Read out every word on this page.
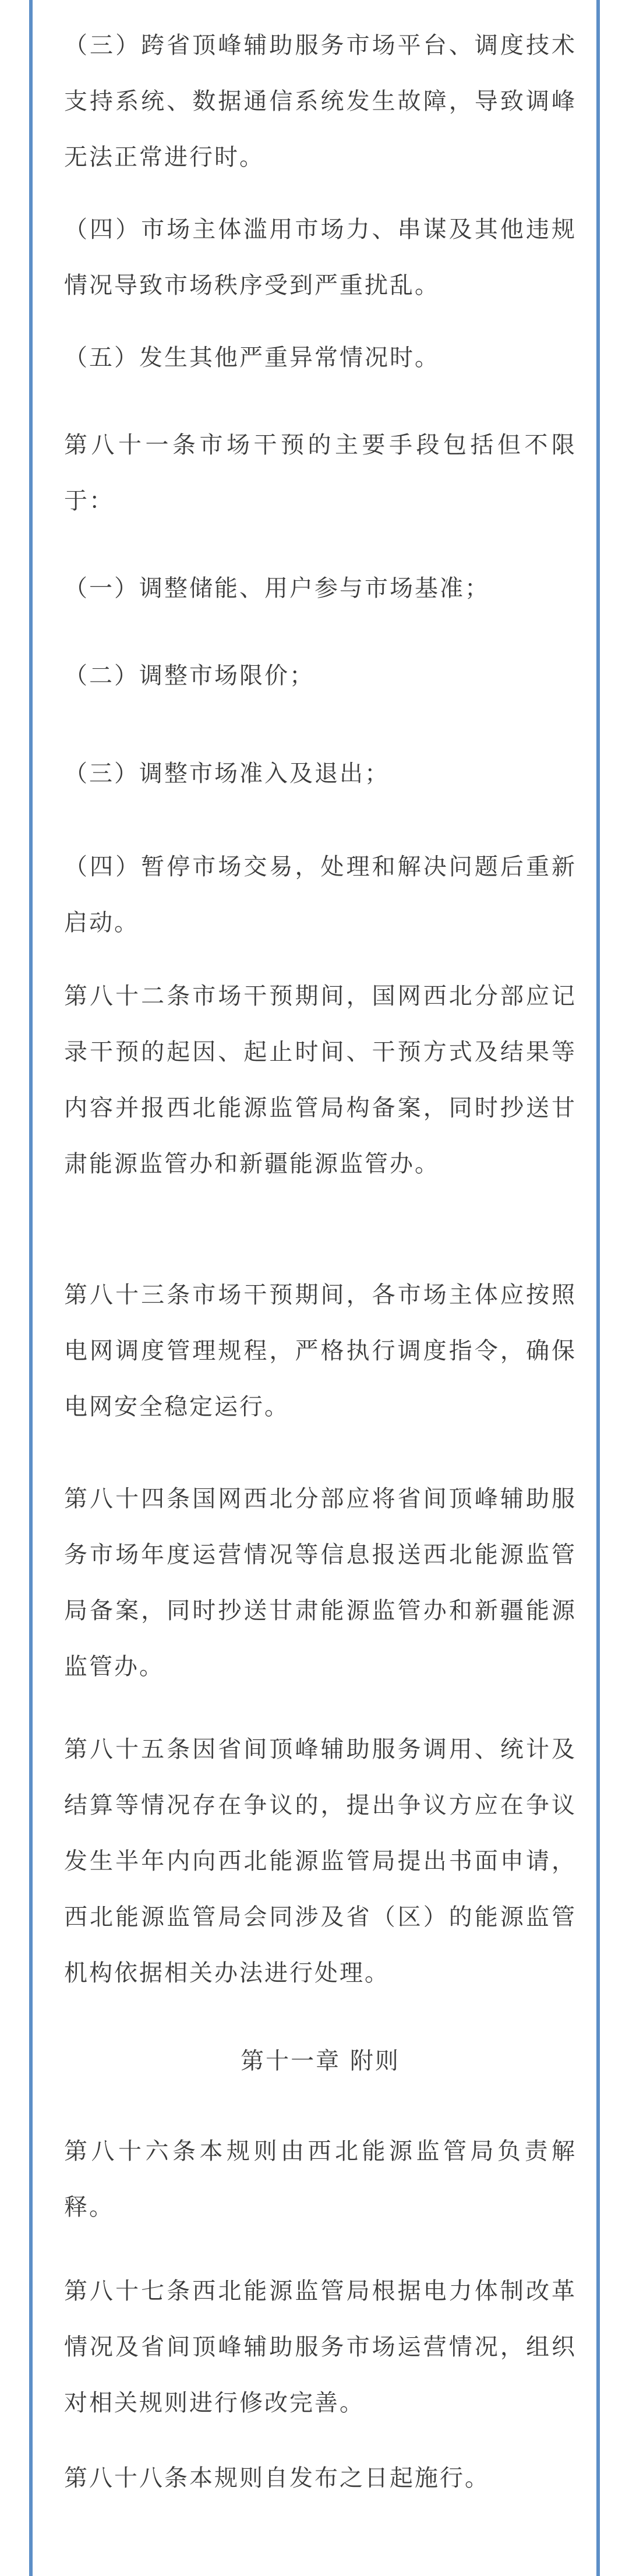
（三）跨省顶峰辅助服务市场平台、调度技术支持系统、数据通信系统发生故障，导致调峰无法正常进行时。

（四）市场主体滥用市场力、串谋及其他违规情况导致市场秩序受到严重扰乱。

（五）发生其他严重异常情况时。

第八十一条市场干预的主要手段包括但不限于：

（一）调整储能、用户参与市场基准；

（二）调整市场限价；

（三）调整市场准入及退出；

（四）暂停市场交易，处理和解决问题后重新启动。

第八十二条市场干预期间，国网西北分部应记录干预的起因、起止时间、干预方式及结果等内容并报西北能源监管局构备案，同时抄送甘肃能源监管办和新疆能源监管办。

第八十三条市场干预期间，各市场主体应按照电网调度管理规程，严格执行调度指令，确保电网安全稳定运行。

第八十四条国网西北分部应将省间顶峰辅助服务市场年度运营情况等信息报送西北能源监管局备案，同时抄送甘肃能源监管办和新疆能源监管办。

第八十五条因省间顶峰辅助服务调用、统计及结算等情况存在争议的，提出争议方应在争议发生半年内向西北能源监管局提出书面申请，西北能源监管局会同涉及省（区）的能源监管机构依据相关办法进行处理。

第十一章 附则

第八十六条本规则由西北能源监管局负责解释。

第八十七条西北能源监管局根据电力体制改革情况及省间顶峰辅助服务市场运营情况，组织对相关规则进行修改完善。

第八十八条本规则自发布之日起施行。
